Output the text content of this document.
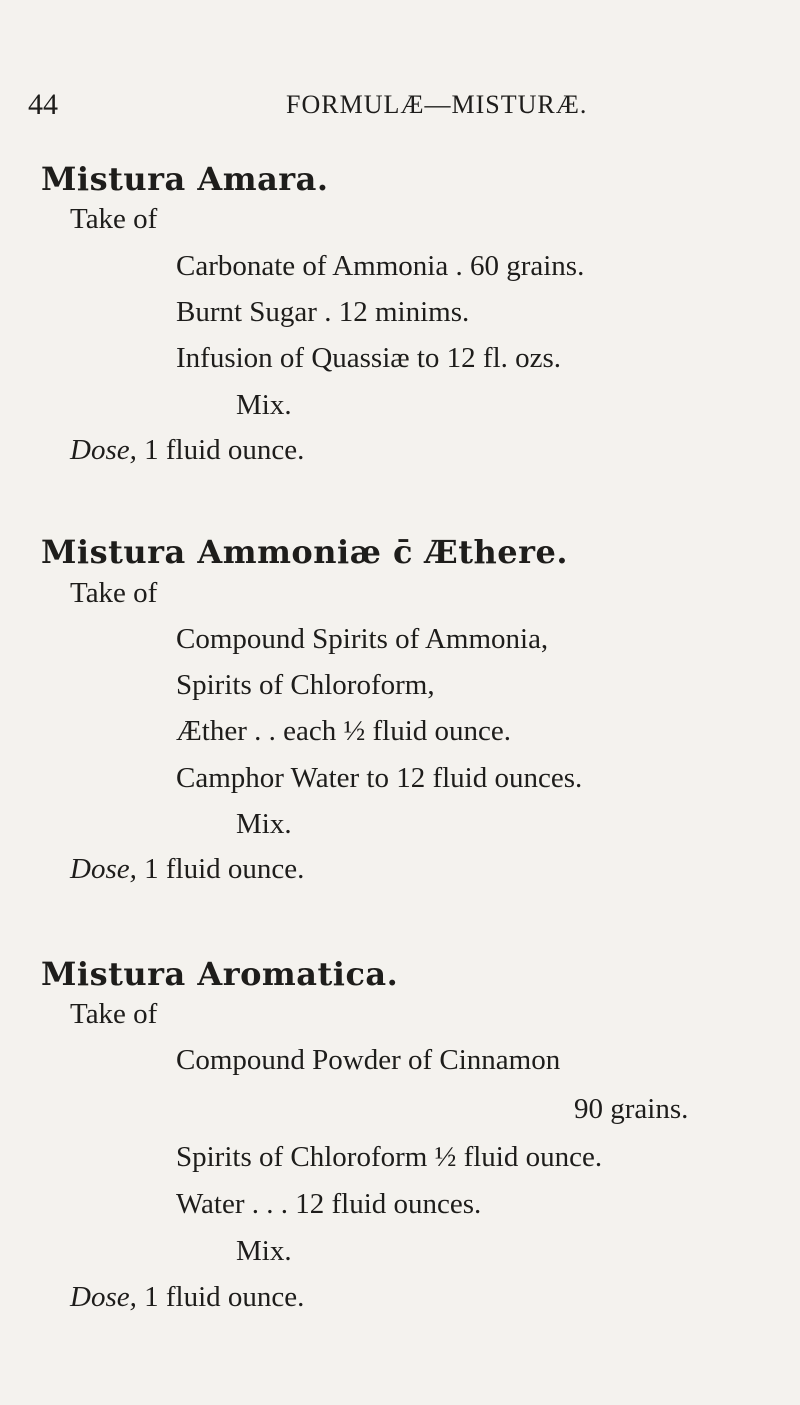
44	FORMULÆ—MISTURÆ.
Mistura Amara.
Take of
Carbonate of Ammonia . 60 grains.
Burnt Sugar . 12 minims.
Infusion of Quassiæ to 12 fl. ozs.
Mix.
Dose, 1 fluid ounce.
Mistura Ammoniæ c̄ Æthere.
Take of
Compound Spirits of Ammonia,
Spirits of Chloroform,
Æther . . each ½ fluid ounce.
Camphor Water to 12 fluid ounces.
Mix.
Dose, 1 fluid ounce.
Mistura Aromatica.
Take of
Compound Powder of Cinnamon
90 grains.
Spirits of Chloroform ½ fluid ounce.
Water . . . 12 fluid ounces.
Mix.
Dose, 1 fluid ounce.
